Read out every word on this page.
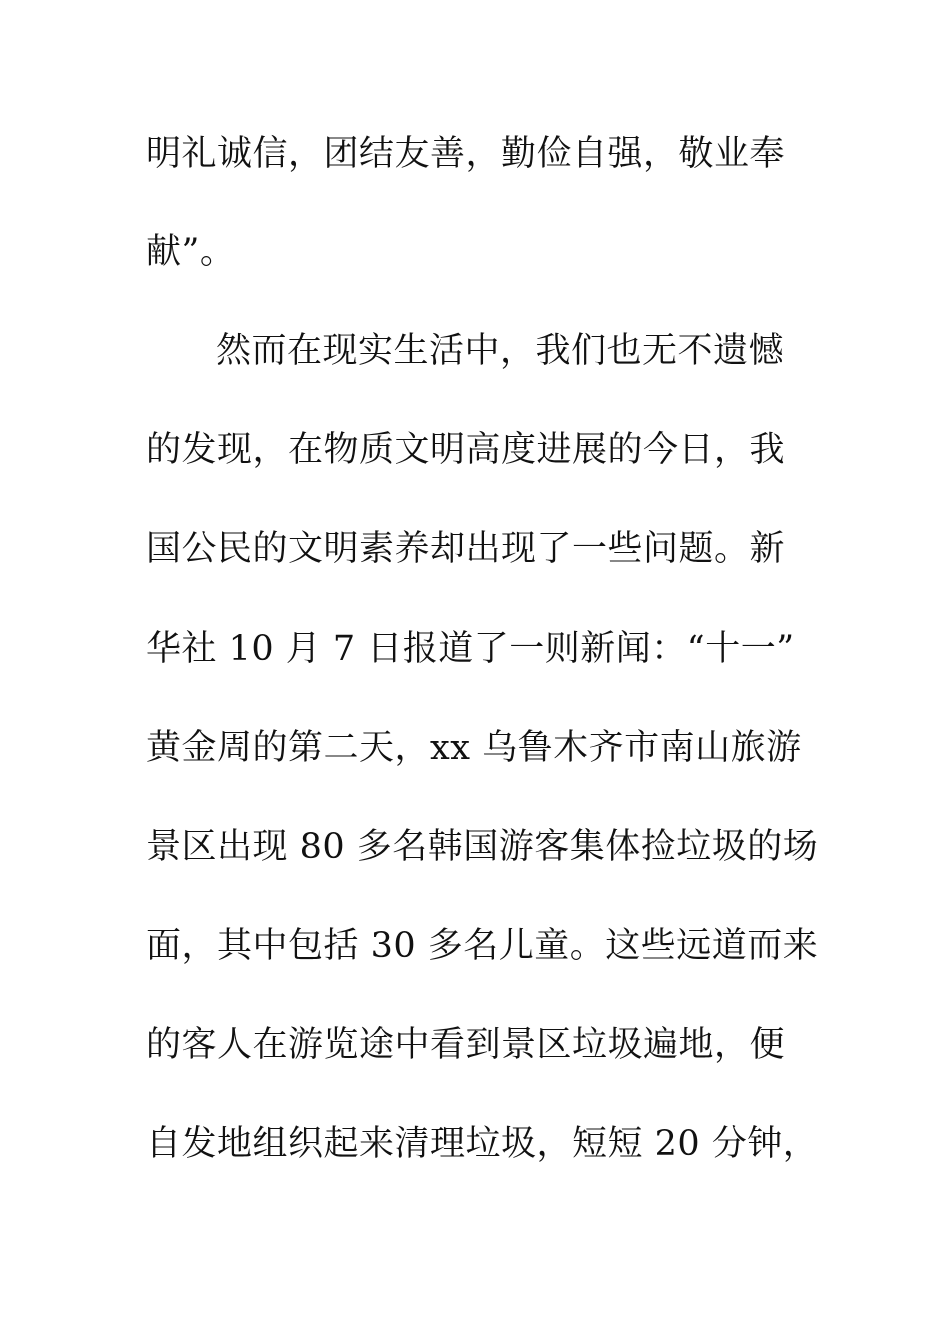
明礼诚信，团结友善，勤俭自强，敬业奉
献”。
然而在现实生活中，我们也无不遗憾
的发现，在物质文明高度进展的今日，我
国公民的文明素养却出现了一些问题。新
华社 10 月 7 日报道了一则新闻：“十一”
黄金周的第二天，xx 乌鲁木齐市南山旅游
景区出现 80 多名韩国游客集体捡垃圾的场
面，其中包括 30 多名儿童。这些远道而来
的客人在游览途中看到景区垃圾遍地，便
自发地组织起来清理垃圾，短短 20 分钟，
